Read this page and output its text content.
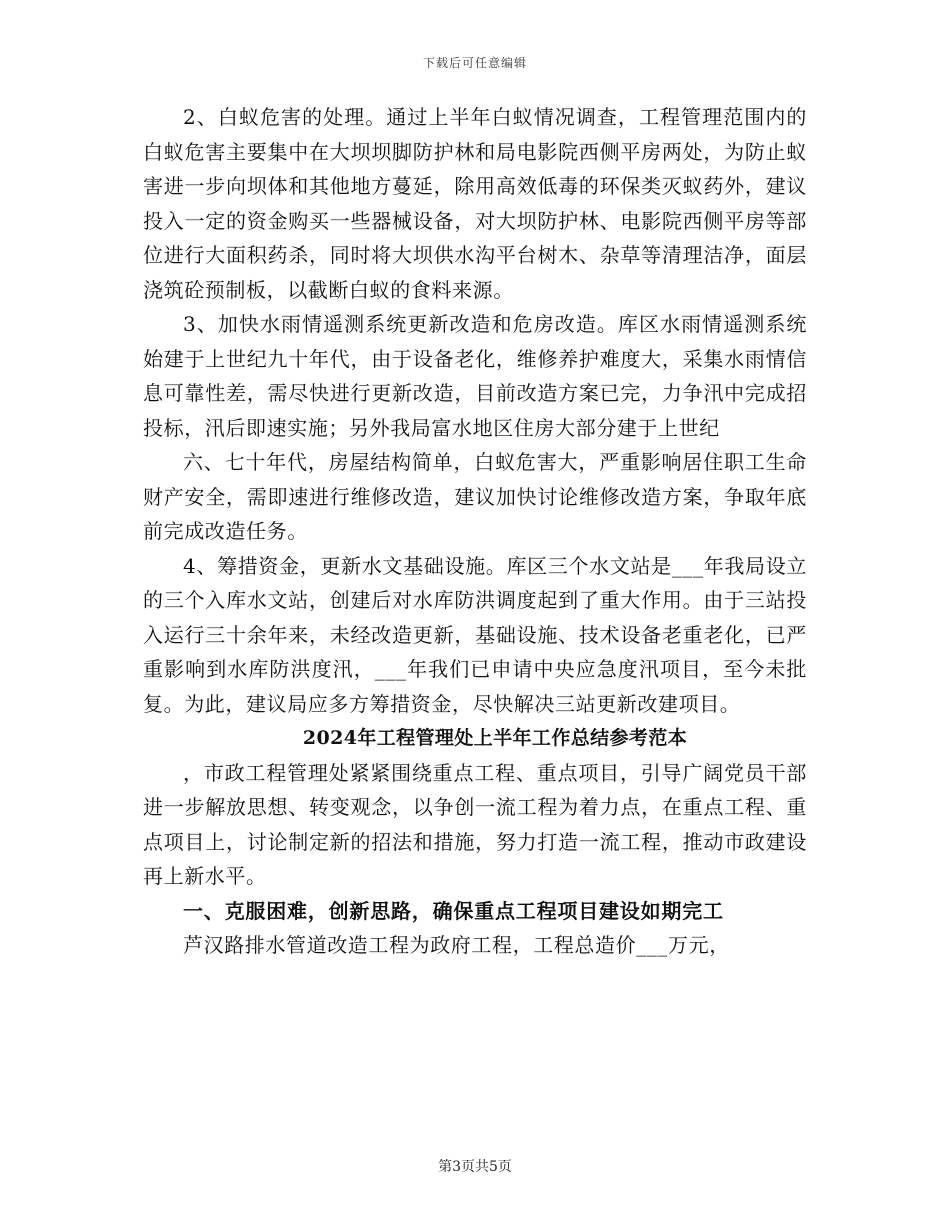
下载后可任意编辑

2、白蚁危害的处理。通过上半年白蚁情况调查，工程管理范围内的白蚁危害主要集中在大坝坝脚防护林和局电影院西侧平房两处，为防止蚁害进一步向坝体和其他地方蔓延，除用高效低毒的环保类灭蚁药外，建议投入一定的资金购买一些器械设备，对大坝防护林、电影院西侧平房等部位进行大面积药杀，同时将大坝供水沟平台树木、杂草等清理洁净，面层浇筑砼预制板，以截断白蚁的食料来源。

3、加快水雨情遥测系统更新改造和危房改造。库区水雨情遥测系统始建于上世纪九十年代，由于设备老化，维修养护难度大，采集水雨情信息可靠性差，需尽快进行更新改造，目前改造方案已完，力争汛中完成招投标，汛后即速实施；另外我局富水地区住房大部分建于上世纪

六、七十年代，房屋结构简单，白蚁危害大，严重影响居住职工生命财产安全，需即速进行维修改造，建议加快讨论维修改造方案，争取年底前完成改造任务。

4、筹措资金，更新水文基础设施。库区三个水文站是___年我局设立的三个入库水文站，创建后对水库防洪调度起到了重大作用。由于三站投入运行三十余年来，未经改造更新，基础设施、技术设备老重老化，已严重影响到水库防洪度汛，___年我们已申请中央应急度汛项目，至今未批复。为此，建议局应多方筹措资金，尽快解决三站更新改建项目。

2024年工程管理处上半年工作总结参考范本

，市政工程管理处紧紧围绕重点工程、重点项目，引导广阔党员干部进一步解放思想、转变观念，以争创一流工程为着力点，在重点工程、重点项目上，讨论制定新的招法和措施，努力打造一流工程，推动市政建设再上新水平。

一、克服困难，创新思路，确保重点工程项目建设如期完工

芦汉路排水管道改造工程为政府工程，工程总造价___万元，

第3页共5页
